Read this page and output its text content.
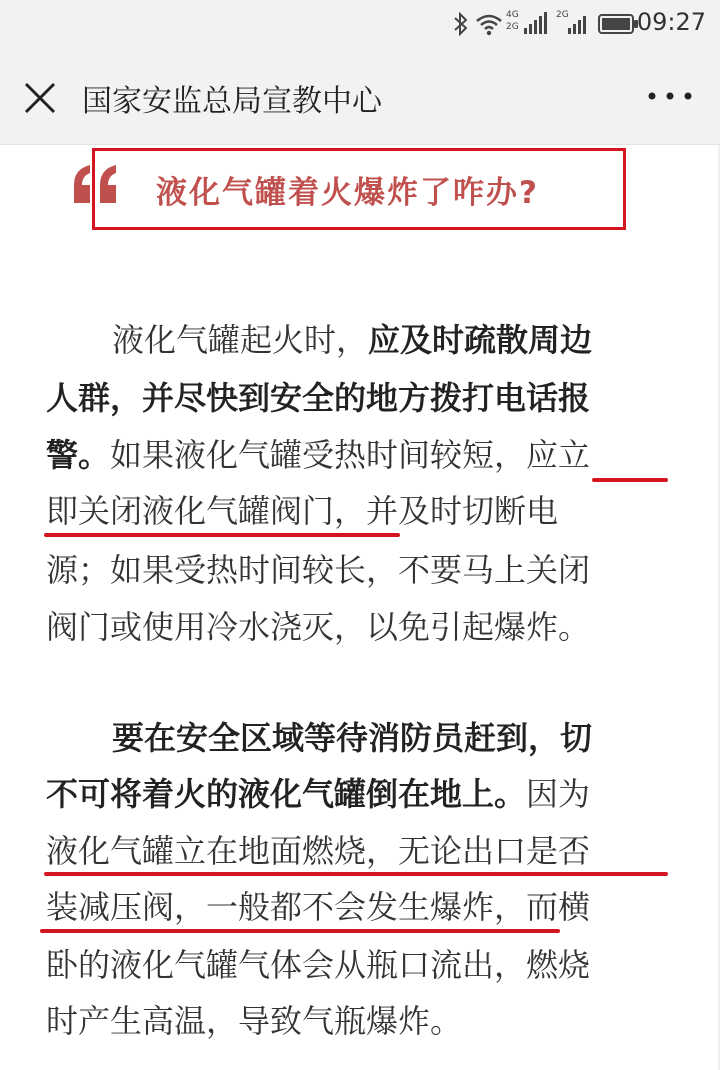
4G
2G
2G	09:27
国家安监总局宣教中心
液化气罐着火爆炸了咋办?
液化气罐起火时，应及时疏散周边
人群，并尽快到安全的地方拨打电话报
警。如果液化气罐受热时间较短，应立
即关闭液化气罐阀门，并及时切断电
源；如果受热时间较长，不要马上关闭
阀门或使用冷水浇灭，以免引起爆炸。
要在安全区域等待消防员赶到，切
不可将着火的液化气罐倒在地上。因为
液化气罐立在地面燃烧，无论出口是否
装减压阀，一般都不会发生爆炸，而横
卧的液化气罐气体会从瓶口流出，燃烧
时产生高温，导致气瓶爆炸。
